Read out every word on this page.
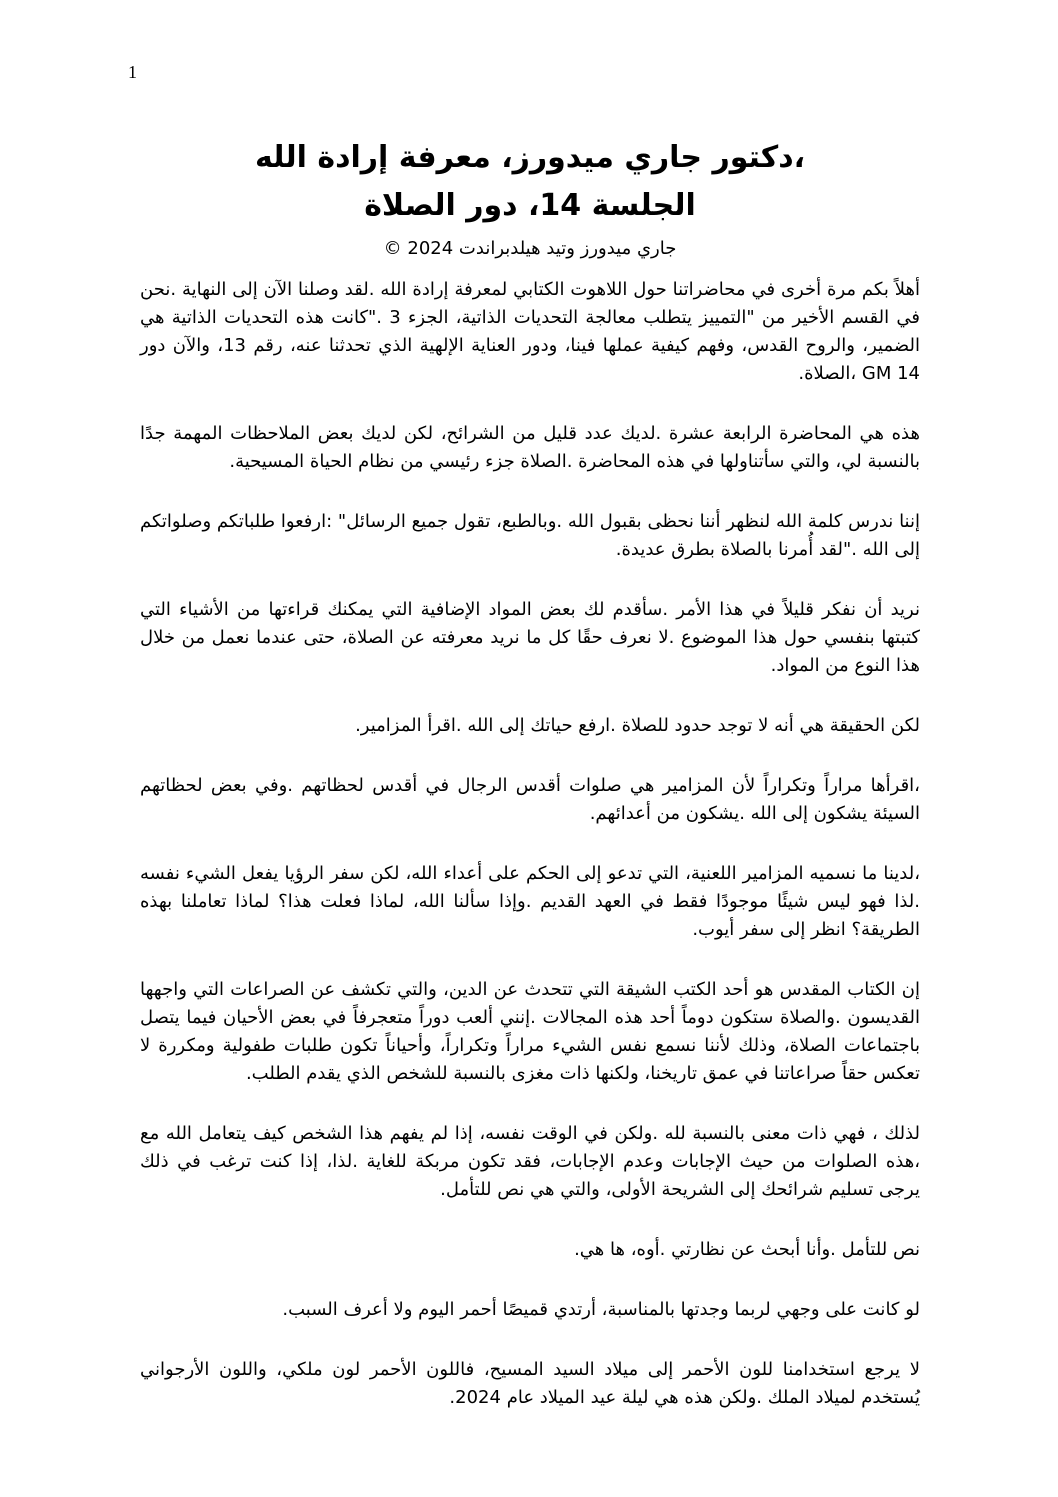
1
،دكتور جاري ميدورز، معرفة إرادة الله
الجلسة 14، دور الصلاة
جاري ميدورز وتيد هيلدبراندت 2024 ©

أهلاً بكم مرة أخرى في محاضراتنا حول اللاهوت الكتابي لمعرفة إرادة الله .لقد وصلنا الآن إلى النهاية .نحن في القسم الأخير من "التمييز يتطلب معالجة التحديات الذاتية، الجزء 3 ."كانت هذه التحديات الذاتية هي الضمير، والروح القدس، وفهم كيفية عملها فينا، ودور العناية الإلهية الذي تحدثنا عنه، رقم 13، والآن دور GM 14 ،الصلاة.

هذه هي المحاضرة الرابعة عشرة .لديك عدد قليل من الشرائح، لكن لديك بعض الملاحظات المهمة جدًا بالنسبة لي، والتي سأتناولها في هذه المحاضرة .الصلاة جزء رئيسي من نظام الحياة المسيحية.

إننا ندرس كلمة الله لنظهر أننا نحظى بقبول الله .وبالطبع، تقول جميع الرسائل" :ارفعوا طلباتكم وصلواتكم إلى الله ."لقد أُمرنا بالصلاة بطرق عديدة.

نريد أن نفكر قليلاً في هذا الأمر .سأقدم لك بعض المواد الإضافية التي يمكنك قراءتها من الأشياء التي كتبتها بنفسي حول هذا الموضوع .لا نعرف حقًا كل ما نريد معرفته عن الصلاة، حتى عندما نعمل من خلال هذا النوع من المواد.

لكن الحقيقة هي أنه لا توجد حدود للصلاة .ارفع حياتك إلى الله .اقرأ المزامير.

،اقرأها مراراً وتكراراً لأن المزامير هي صلوات أقدس الرجال في أقدس لحظاتهم .وفي بعض لحظاتهم السيئة يشكون إلى الله .يشكون من أعدائهم.

،لدينا ما نسميه المزامير اللعنية، التي تدعو إلى الحكم على أعداء الله، لكن سفر الرؤيا يفعل الشيء نفسه .لذا فهو ليس شيئًا موجودًا فقط في العهد القديم .وإذا سألنا الله، لماذا فعلت هذا؟ لماذا تعاملنا بهذه الطريقة؟ انظر إلى سفر أيوب.

إن الكتاب المقدس هو أحد الكتب الشيقة التي تتحدث عن الدين، والتي تكشف عن الصراعات التي واجهها القديسون .والصلاة ستكون دوماً أحد هذه المجالات .إنني ألعب دوراً متعجرفاً في بعض الأحيان فيما يتصل باجتماعات الصلاة، وذلك لأننا نسمع نفس الشيء مراراً وتكراراً، وأحياناً تكون طلبات طفولية ومكررة لا تعكس حقاً صراعاتنا في عمق تاريخنا، ولكنها ذات مغزى بالنسبة للشخص الذي يقدم الطلب.

لذلك ، فهي ذات معنى بالنسبة لله .ولكن في الوقت نفسه، إذا لم يفهم هذا الشخص كيف يتعامل الله مع ،هذه الصلوات من حيث الإجابات وعدم الإجابات، فقد تكون مربكة للغاية .لذا، إذا كنت ترغب في ذلك يرجى تسليم شرائحك إلى الشريحة الأولى، والتي هي نص للتأمل.

نص للتأمل .وأنا أبحث عن نظارتي .أوه، ها هي.

لو كانت على وجهي لربما وجدتها بالمناسبة، أرتدي قميصًا أحمر اليوم ولا أعرف السبب.

لا يرجع استخدامنا للون الأحمر إلى ميلاد السيد المسيح، فاللون الأحمر لون ملكي، واللون الأرجواني يُستخدم لميلاد الملك .ولكن هذه هي ليلة عيد الميلاد عام 2024.
